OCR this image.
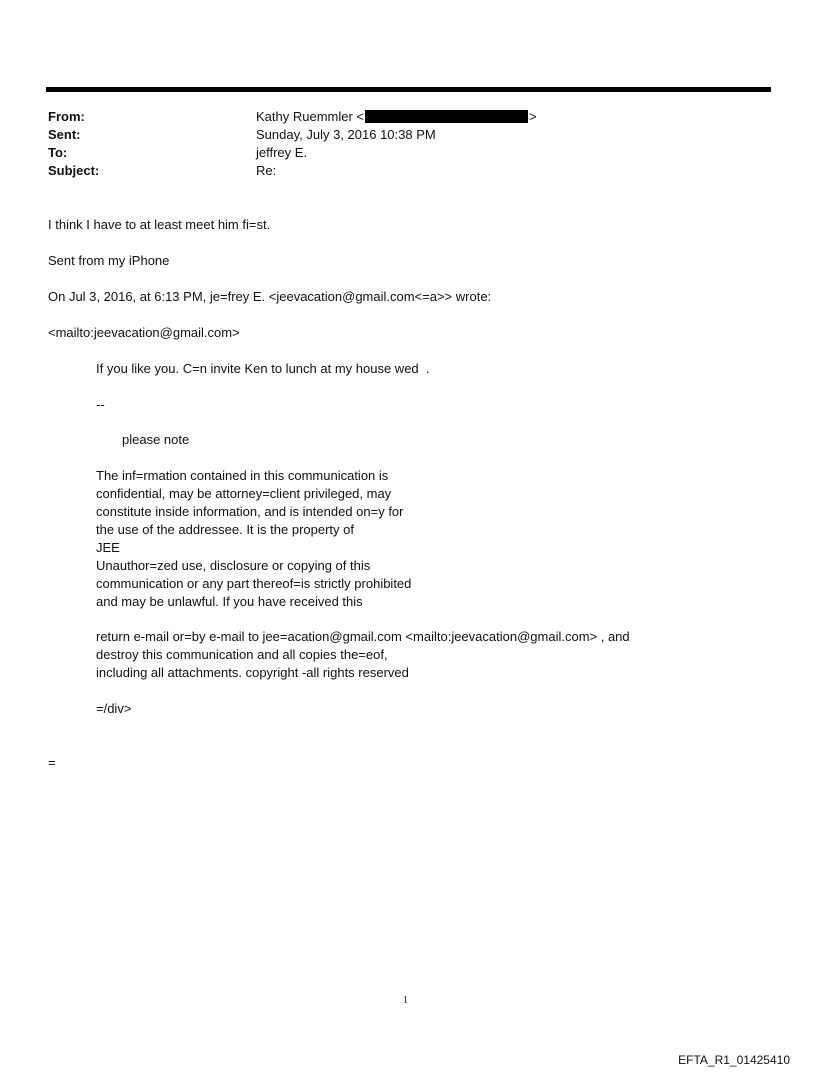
From:	Kathy Ruemmler <	>
Sent:	Sunday, July 3, 2016 10:38 PM
To:	jeffrey E.
Subject:	Re:
I think I have to at least meet him fi=st.
Sent from my iPhone
On Jul 3, 2016, at 6:13 PM, je=frey E. <jeevacation@gmail.com<=a>> wrote:
<mailto:jeevacation@gmail.com>
If you like you. C=n invite Ken to lunch at my house wed  .
--
please note
The inf=rmation contained in this communication is
confidential, may be attorney=client privileged, may
constitute inside information, and is intended on=y for
the use of the addressee. It is the property of
JEE
Unauthor=zed use, disclosure or copying of this
communication or any part thereof=is strictly prohibited
and may be unlawful. If you have received this
return e-mail or=by e-mail to jee=acation@gmail.com <mailto:jeevacation@gmail.com> , and
destroy this communication and all copies the=eof,
including all attachments. copyright -all rights reserved
=/div>
=
1
EFTA_R1_01425410
